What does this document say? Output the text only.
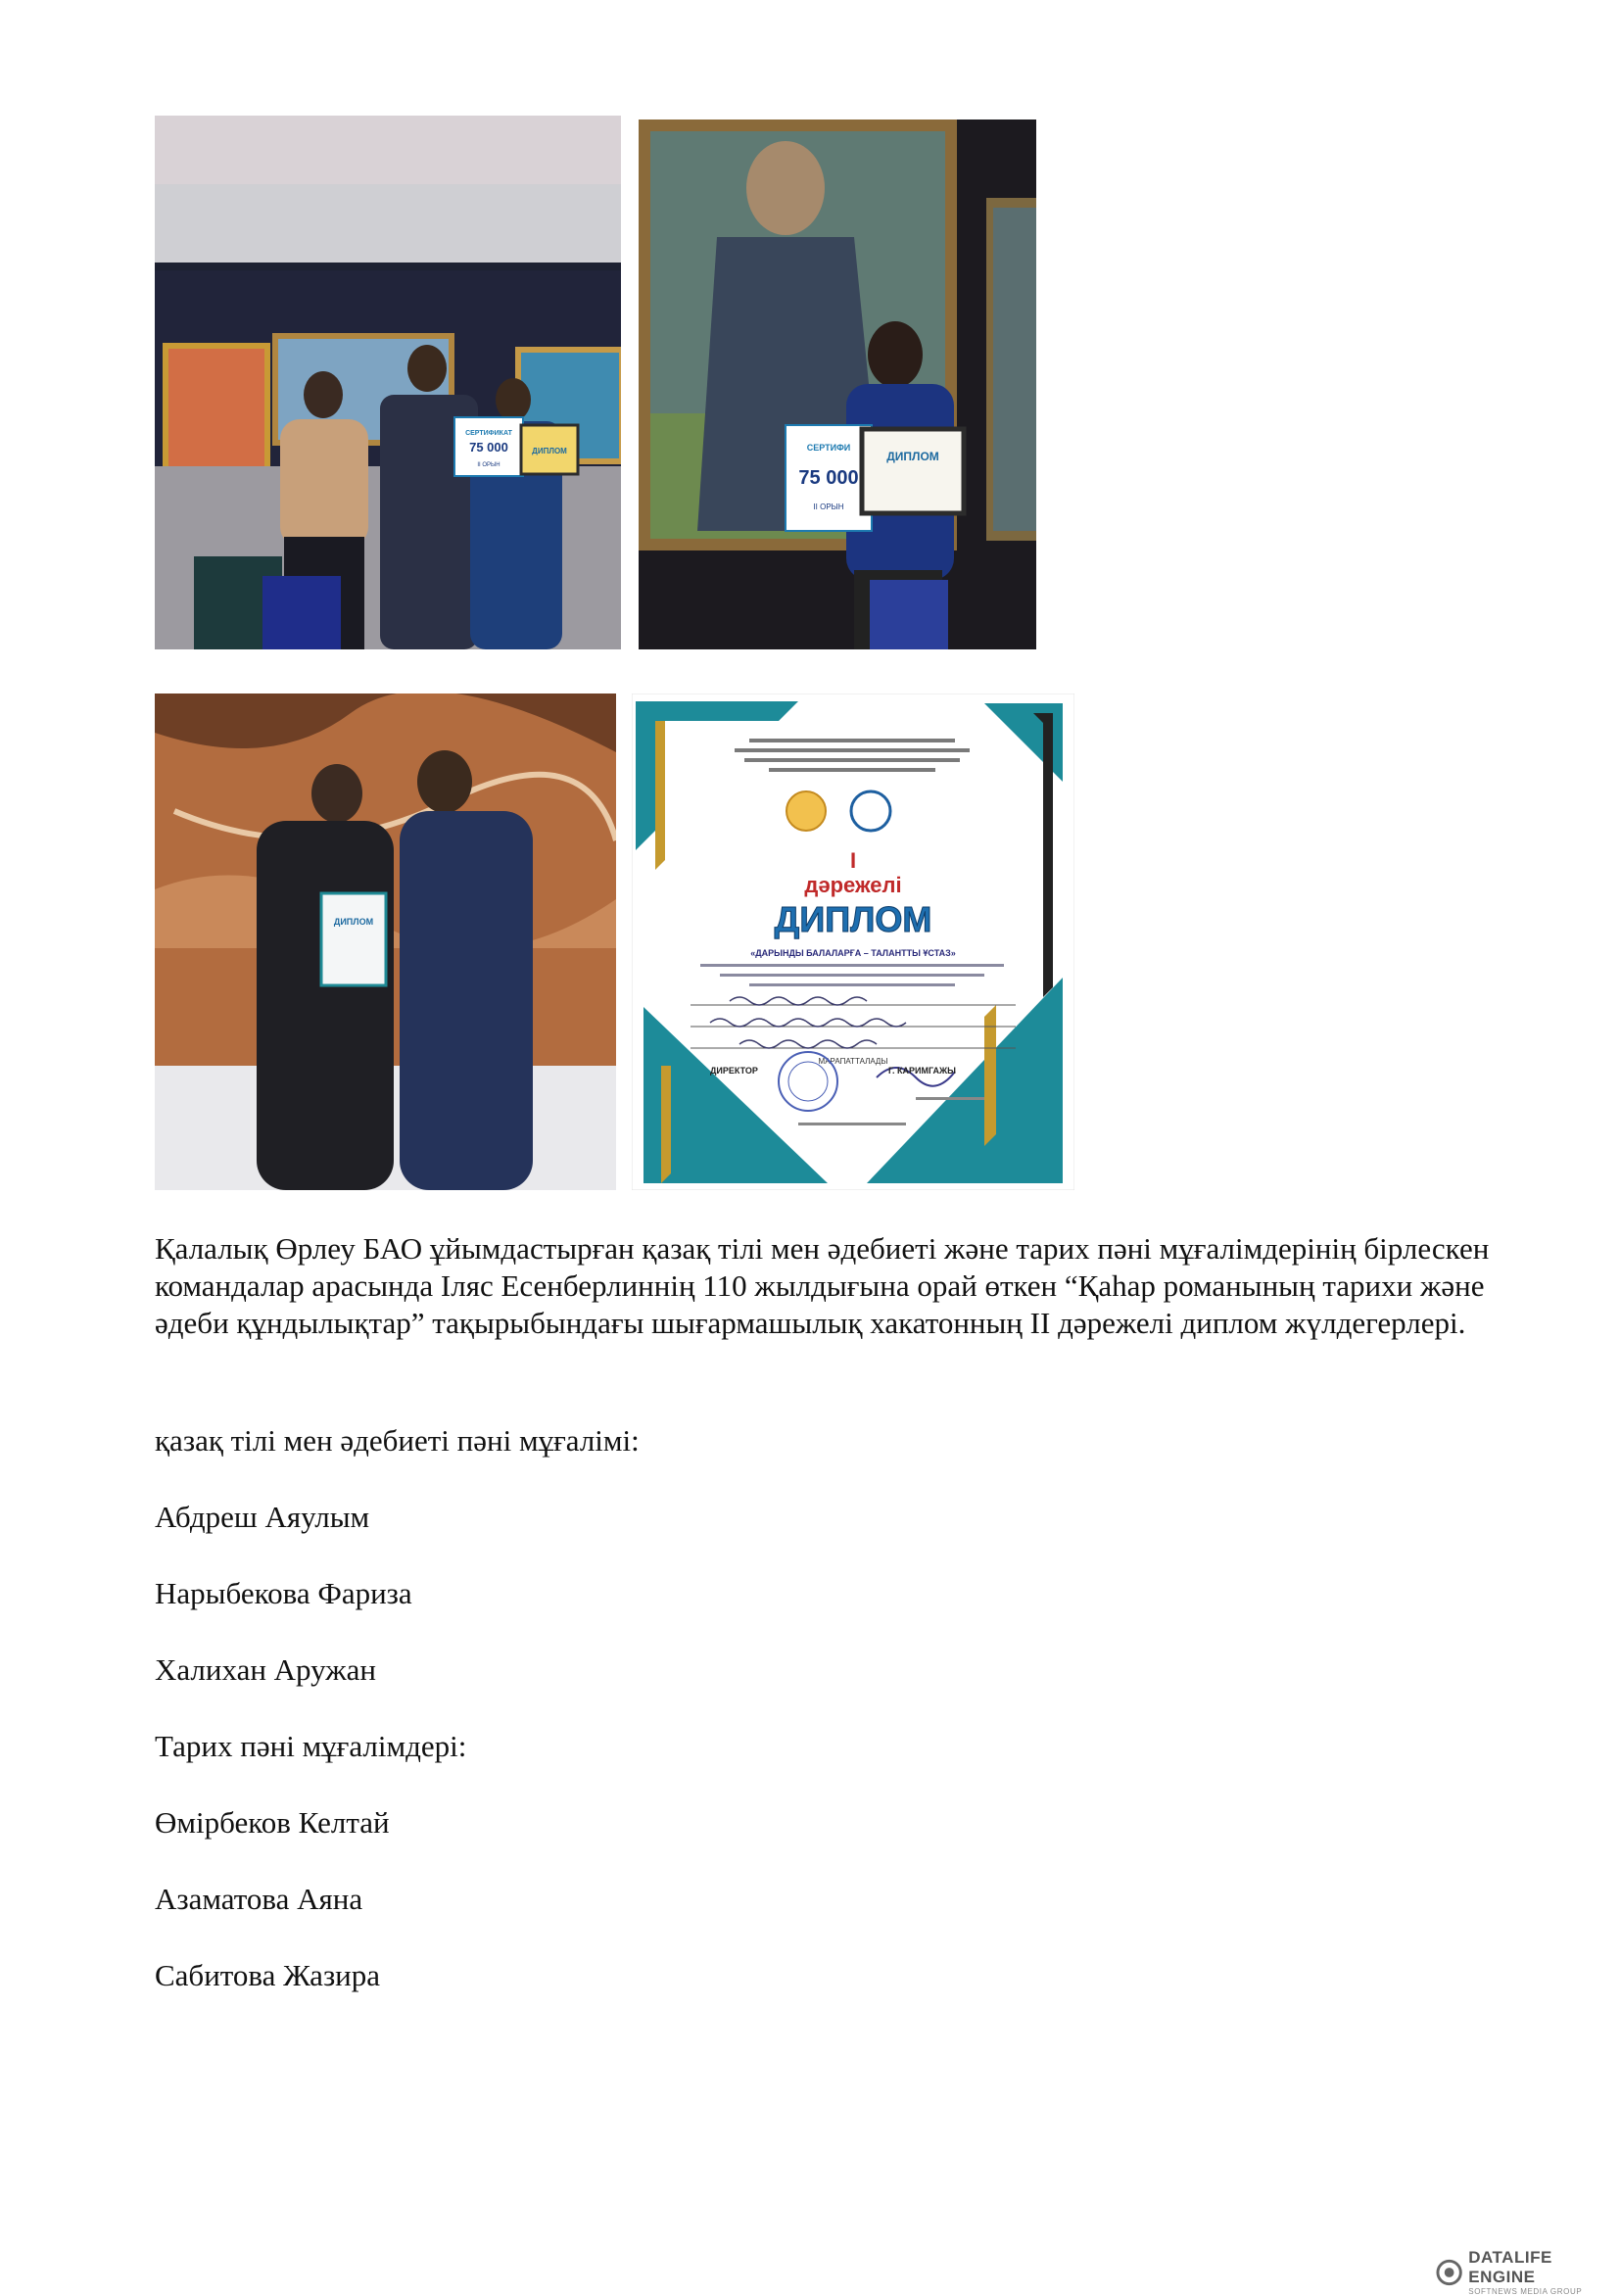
СЕРТИФИКАТ
75 000
II ОРЫН
ДИПЛОМ	СЕРТИФИ
75 000
II ОРЫН
ДИПЛОМ
ДИПЛОМ
I
дәрежелі
ДИПЛОМ
«ДАРЫНДЫ БАЛАЛАРҒА – ТАЛАНТТЫ ҰСТАЗ»
МАРАПАТТАЛАДЫ
ДИРЕКТОР	Г. КАРИМГАЖЫ
Қалалық Өрлеу БАО ұйымдастырған қазақ тілі мен әдебиеті және тарих пәні мұғалімдерінің бірлескен командалар арасында Іляс Есенберлиннің 110 жылдығына орай өткен “Қаһар романының тарихи және әдеби құндылықтар” тақырыбындағы шығармашылық хакатонның II дәрежелі диплом жүлдегерлері.
қазақ тілі мен әдебиеті пәні мұғалімі:
Абдреш Аяулым
Нарыбекова Фариза
Халихан Аружан
Тарих пәні мұғалімдері:
Өмірбеков Келтай
Азаматова Аяна
Сабитова Жазира
DATALIFE ENGINE
SOFTNEWS MEDIA GROUP
